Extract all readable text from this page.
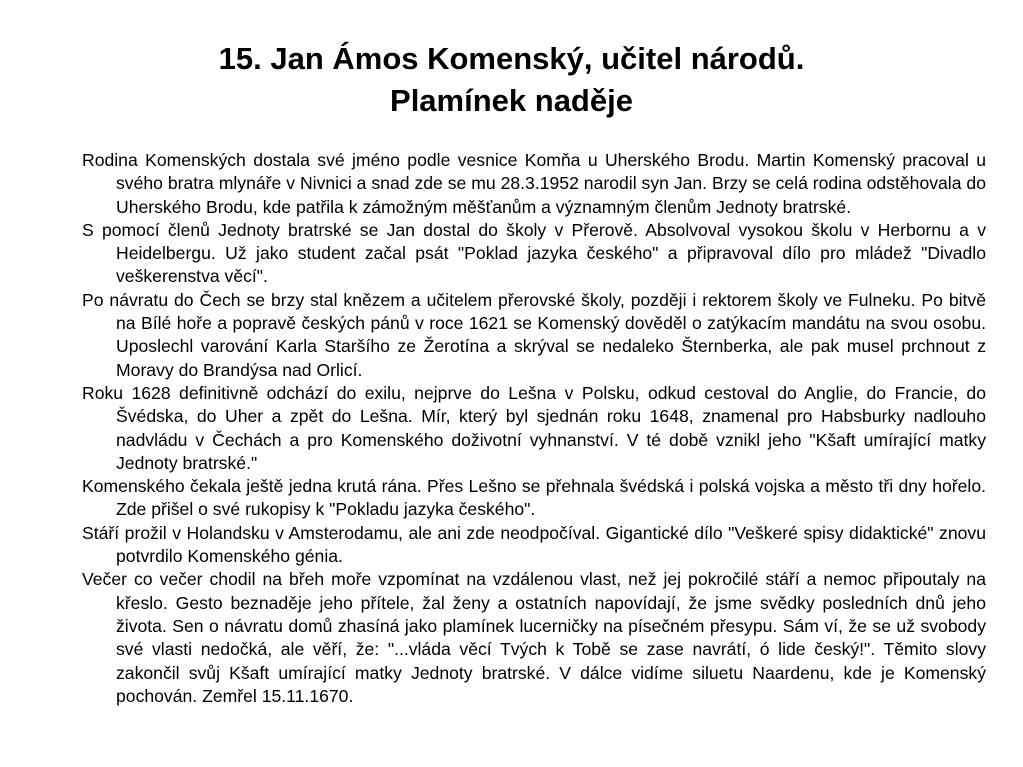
15. Jan Ámos Komenský, učitel národů.
Plamínek naděje

Rodina Komenských dostala své jméno podle vesnice Komňa u Uherského Brodu. Martin Komenský pracoval u svého bratra mlynáře v Nivnici a snad zde se mu 28.3.1952 narodil syn Jan. Brzy se celá rodina odstěhovala do Uherského Brodu, kde patřila k zámožným měšťanům a významným členům Jednoty bratrské.

S pomocí členů Jednoty bratrské se Jan dostal do školy v Přerově. Absolvoval vysokou školu v Herbornu a v Heidelbergu. Už jako student začal psát "Poklad jazyka českého" a připravoval dílo pro mládež "Divadlo veškerenstva věcí".

Po návratu do Čech se brzy stal knězem a učitelem přerovské školy, později i rektorem školy ve Fulneku. Po bitvě na Bílé hoře a popravě českých pánů v roce 1621 se Komenský dověděl o zatýkacím mandátu na svou osobu. Uposlechl varování Karla Staršího ze Žerotína a skrýval se nedaleko Šternberka, ale pak musel prchnout z Moravy do Brandýsa nad Orlicí.

Roku 1628 definitivně odchází do exilu, nejprve do Lešna v Polsku, odkud cestoval do Anglie, do Francie, do Švédska, do Uher a zpět do Lešna. Mír, který byl sjednán roku 1648, znamenal pro Habsburky nadlouho nadvládu v Čechách a pro Komenského doživotní vyhnanství. V té době vznikl jeho "Kšaft umírající matky Jednoty bratrské."

Komenského čekala ještě jedna krutá rána. Přes Lešno se přehnala švédská i polská vojska a město tři dny hořelo. Zde přišel o své rukopisy k "Pokladu jazyka českého".

Stáří prožil v Holandsku v Amsterodamu, ale ani zde neodpočíval. Gigantické dílo "Veškeré spisy didaktické" znovu potvrdilo Komenského génia.

Večer co večer chodil na břeh moře vzpomínat na vzdálenou vlast, než jej pokročilé stáří a nemoc připoutaly na křeslo. Gesto beznaděje jeho přítele, žal ženy a ostatních napovídají, že jsme svědky posledních dnů jeho života. Sen o návratu domů zhasíná jako plamínek lucerničky na písečném přesypu. Sám ví, že se už svobody své vlasti nedočká, ale věří, že: "...vláda věcí Tvých k Tobě se zase navrátí, ó lide český!". Těmito slovy zakončil svůj Kšaft umírající matky Jednoty bratrské. V dálce vidíme siluetu Naardenu, kde je Komenský pochován. Zemřel 15.11.1670.
